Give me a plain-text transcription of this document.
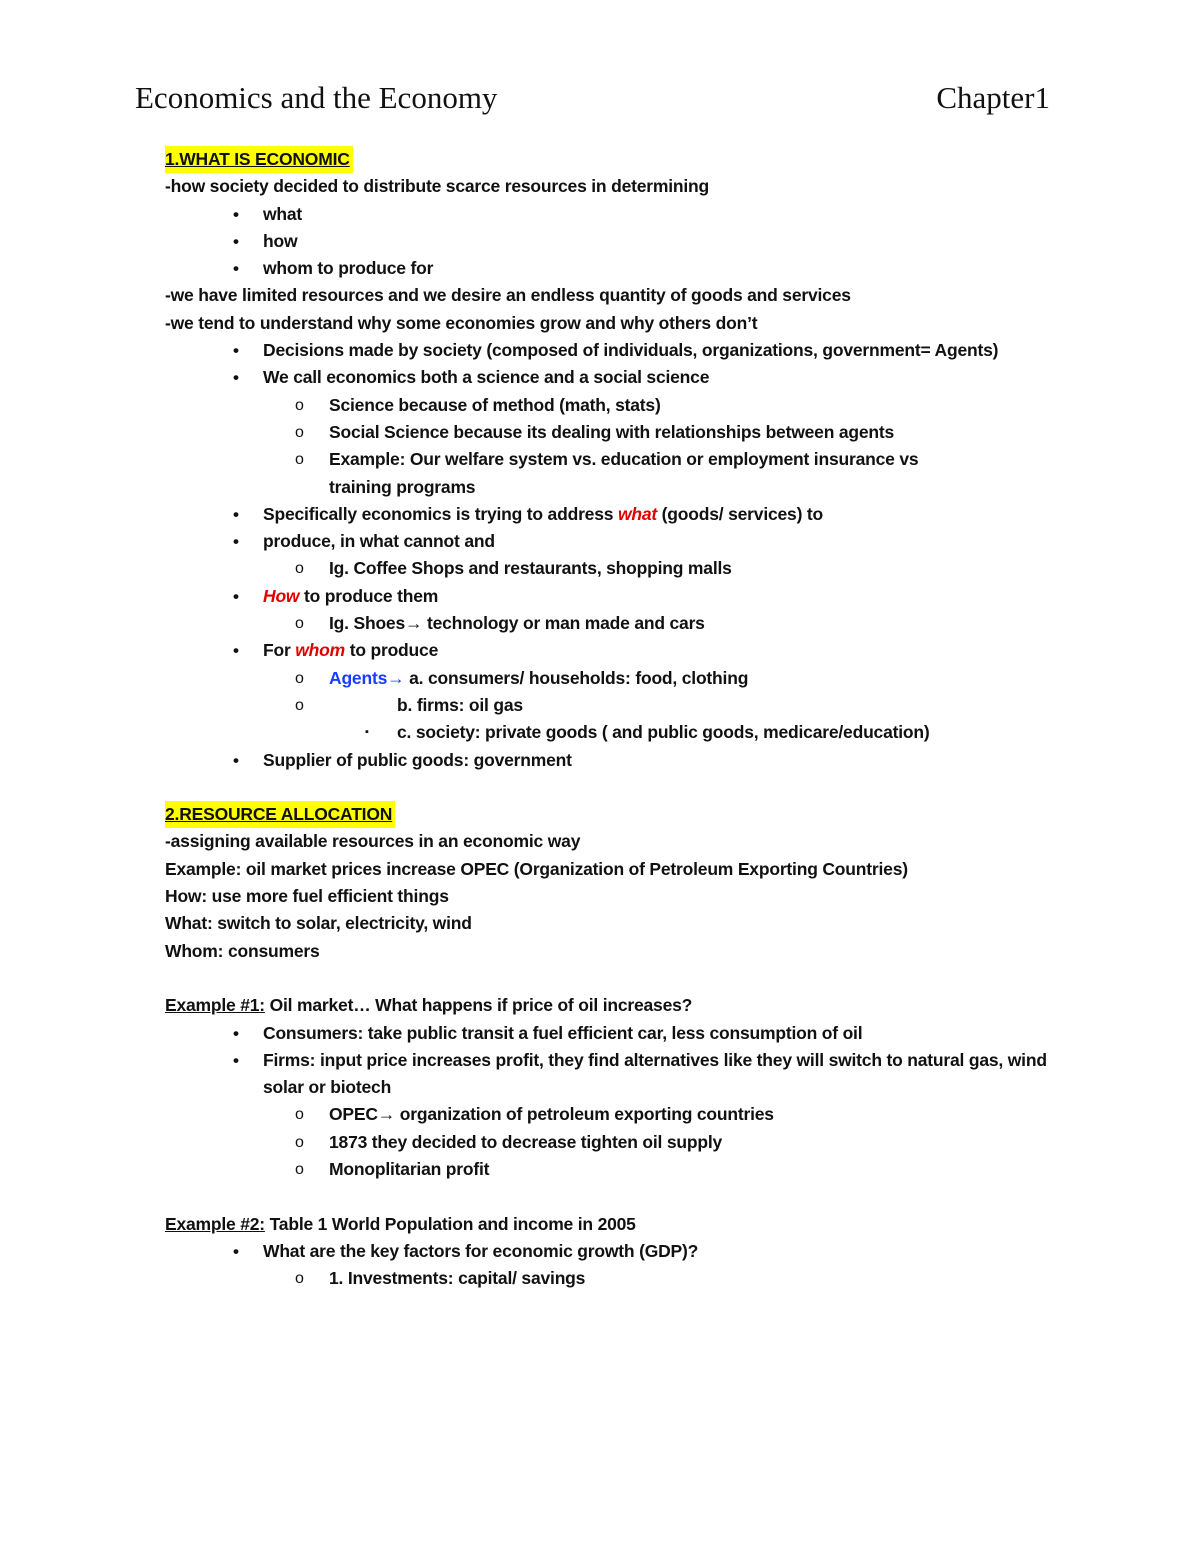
Economics and the Economy	Chapter1
1.WHAT IS ECONOMIC
-how society decided to distribute scarce resources in determining
• what
• how
• whom to produce for
-we have limited resources and we desire an endless quantity of goods and services
-we tend to understand why some economies grow and why others don’t
• Decisions made by society (composed of individuals, organizations, government= Agents)
• We call economics both a science and a social science
o Science because of method (math, stats)
o Social Science because its dealing with relationships between agents
o Example: Our welfare system vs. education or employment insurance vs training programs
• Specifically economics is trying to address what (goods/ services) to
• produce, in what cannot and
o Ig. Coffee Shops and restaurants, shopping malls
• How to produce them
o Ig. Shoes→ technology or man made and cars
• For whom to produce
o Agents→ a. consumers/ households: food, clothing
o	b. firms: oil gas
▪ c. society: private goods ( and public goods, medicare/education)
• Supplier of public goods: government
2.RESOURCE ALLOCATION
-assigning available resources in an economic way
Example: oil market prices increase OPEC (Organization of Petroleum Exporting Countries)
How: use more fuel efficient things
What: switch to solar, electricity, wind
Whom: consumers
Example #1: Oil market… What happens if price of oil increases?
• Consumers: take public transit a fuel efficient car, less consumption of oil
• Firms: input price increases profit, they find alternatives like they will switch to natural gas, wind solar or biotech
o OPEC→ organization of petroleum exporting countries
o 1873 they decided to decrease tighten oil supply
o Monoplitarian profit
Example #2: Table 1 World Population and income in 2005
• What are the key factors for economic growth (GDP)?
o 1. Investments: capital/ savings
